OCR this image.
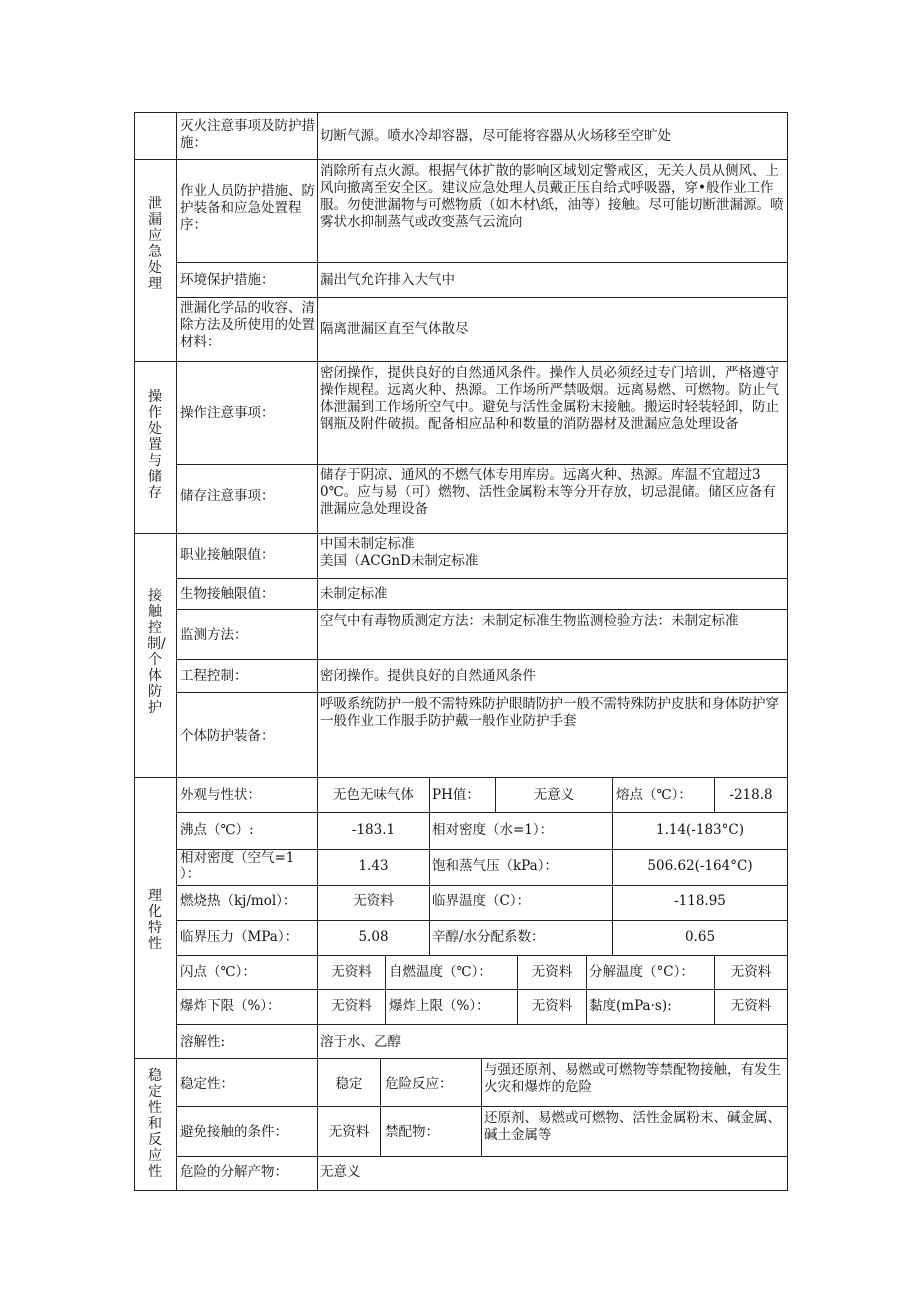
灭火注意事项及防护措施：	切断气源。喷水冷却容器，尽可能将容器从火场移至空旷处
泄漏应急处理
作业人员防护措施、防护装备和应急处置程序：
消除所有点火源。根据气体扩散的影响区域划定警戒区，无关人员从侧风、上风向撤离至安全区。建议应急处理人员戴正压自给式呼吸器，穿•般作业工作服。勿使泄漏物与可燃物质（如木材\纸，油等）接触。尽可能切断泄漏源。喷雾状水抑制蒸气或改变蒸气云流向
环境保护措施：	漏出气允许排入大气中
泄漏化学品的收容、清除方法及所使用的处置材料：
隔离泄漏区直至气体散尽
操作处置与储存
操作注意事项：
密闭操作，提供良好的自然通风条件。操作人员必须经过专门培训，严格遵守操作规程。远离火种、热源。工作场所严禁吸烟。远离易燃、可燃物。防止气体泄漏到工作场所空气中。避免与活性金属粉末接触。搬运时轻装轻卸，防止钢瓶及附件破损。配备相应品种和数量的消防器材及泄漏应急处理设备
储存注意事项：
储存于阴凉、通风的不燃气体专用库房。远离火种、热源。库温不宜超过30℃。应与易（可）燃物、活性金属粉末等分开存放，切忌混储。储区应备有泄漏应急处理设备
接触控制/个体防护
职业接触限值：
中国未制定标准
美国（ACGnD未制定标准
生物接触限值：	未制定标准
监测方法：
空气中有毒物质测定方法：未制定标准生物监测检验方法：未制定标准
工程控制：	密闭操作。提供良好的自然通风条件
个体防护装备：
呼吸系统防护一般不需特殊防护眼睛防护一般不需特殊防护皮肤和身体防护穿一般作业工作服手防护戴一般作业防护手套
理化特性
外观与性状：	无色无味气体	PH值：	无意义	熔点（℃）：	-218.8
沸点（℃）:	-183.1	相对密度（水=1）：	1.14(-183°C)
相对密度（空气=1
）：	1.43	饱和蒸气压（kPa）：	506.62(-164°C)
燃烧热（kj/mol）：	无资料	临界温度（C）：	-118.95
临界压力（MPa）：	5.08	辛醇/水分配系数：	0.65
闪点（℃）：	无资料	自燃温度（℃）：	无资料	分解温度（°C）：	无资料
爆炸下限（%）：	无资料	爆炸上限（%）：	无资料	黏度(mPa·s):	无资料
溶解性:	溶于水、乙醇
稳定性和反应性
稳定性：	稳定	危险反应：
与强还原剂、易燃或可燃物等禁配物接触，有发生火灾和爆炸的危险
避免接触的条件：	无资料	禁配物：
还原剂、易燃或可燃物、活性金属粉末、碱金属、碱土金属等
危险的分解产物： 无意义
